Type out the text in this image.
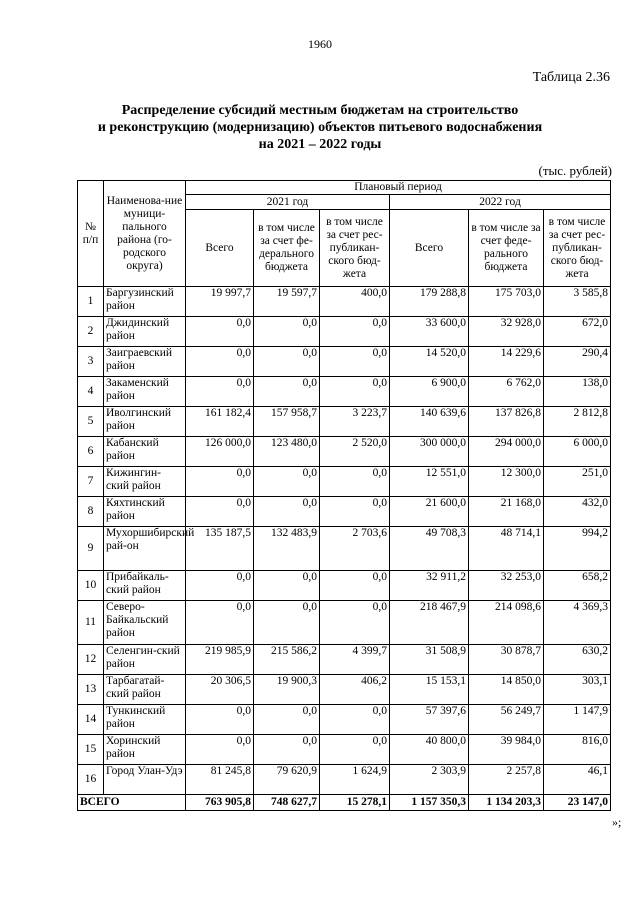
1960
Таблица 2.36
Распределение субсидий местным бюджетам на строительство
и реконструкцию (модернизацию) объектов питьевого водоснабжения
на 2021 – 2022 годы
(тыс. рублей)
№ п/п	Наименова-ние муници-пального района (го-родского округа)	Плановый период					
		2021 год			2022 год		
		Всего	в том числе за счет фе-дерального бюджета	в том числе за счет рес-публикан-ского бюд-жета	Всего	в том числе за счет феде-рального бюджета	в том числе за счет рес-публикан-ского бюд-жета
1	Баргузинский район	19 997,7	19 597,7	400,0	179 288,8	175 703,0	3 585,8
2	Джидинский район	0,0	0,0	0,0	33 600,0	32 928,0	672,0
3	Заиграевский район	0,0	0,0	0,0	14 520,0	14 229,6	290,4
4	Закаменский район	0,0	0,0	0,0	6 900,0	6 762,0	138,0
5	Иволгинский район	161 182,4	157 958,7	3 223,7	140 639,6	137 826,8	2 812,8
6	Кабанский район	126 000,0	123 480,0	2 520,0	300 000,0	294 000,0	6 000,0
7	Кижингин-ский район	0,0	0,0	0,0	12 551,0	12 300,0	251,0
8	Кяхтинский район	0,0	0,0	0,0	21 600,0	21 168,0	432,0
9	Мухоршибирский рай-он	135 187,5	132 483,9	2 703,6	49 708,3	48 714,1	994,2
10	Прибайкаль-ский район	0,0	0,0	0,0	32 911,2	32 253,0	658,2
11	Северо-Байкальский район	0,0	0,0	0,0	218 467,9	214 098,6	4 369,3
12	Селенгин-ский район	219 985,9	215 586,2	4 399,7	31 508,9	30 878,7	630,2
13	Тарбагатай-ский район	20 306,5	19 900,3	406,2	15 153,1	14 850,0	303,1
14	Тункинский район	0,0	0,0	0,0	57 397,6	56 249,7	1 147,9
15	Хоринский район	0,0	0,0	0,0	40 800,0	39 984,0	816,0
16	Город Улан-Удэ	81 245,8	79 620,9	1 624,9	2 303,9	2 257,8	46,1
ВСЕГО		763 905,8	748 627,7	15 278,1	1 157 350,3	1 134 203,3	23 147,0
»;
